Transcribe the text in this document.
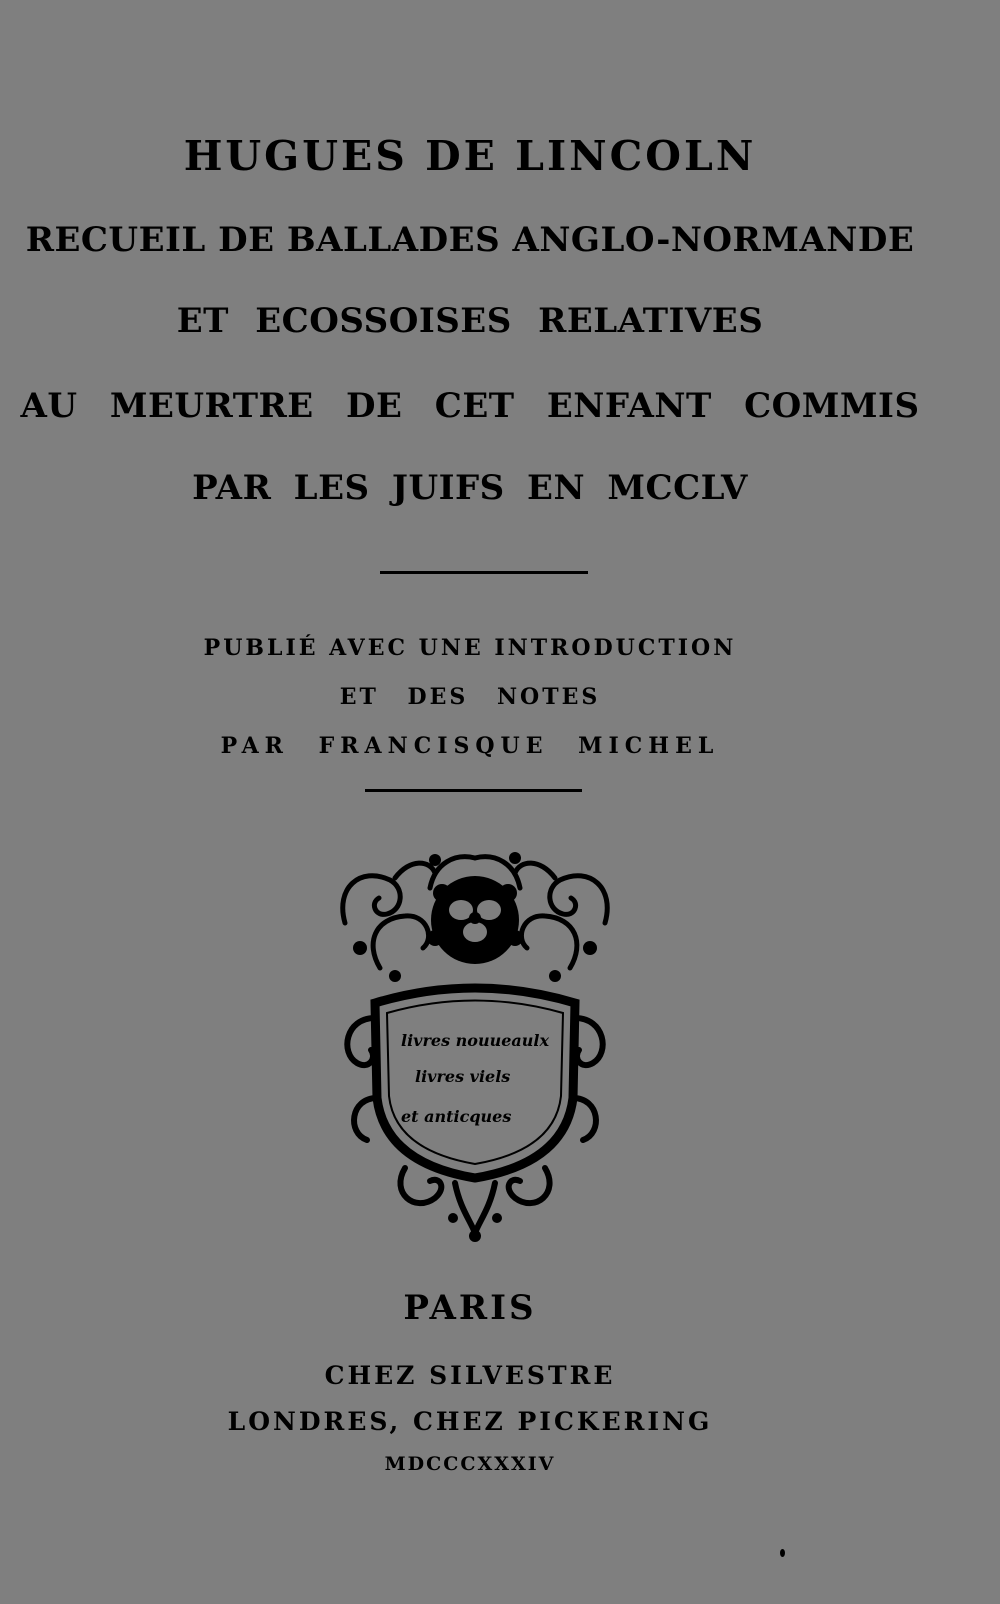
HUGUES DE LINCOLN
RECUEIL DE BALLADES ANGLO-NORMANDE
ET ECOSSOISES RELATIVES
AU MEURTRE DE CET ENFANT COMMIS
PAR LES JUIFS EN MCCLV
PUBLIÉ AVEC UNE INTRODUCTION
ET DES NOTES
PAR FRANCISQUE MICHEL
livres nouueaulx
livres viels
et anticques
PARIS
CHEZ SILVESTRE
LONDRES, CHEZ PICKERING
MDCCCXXXIV
